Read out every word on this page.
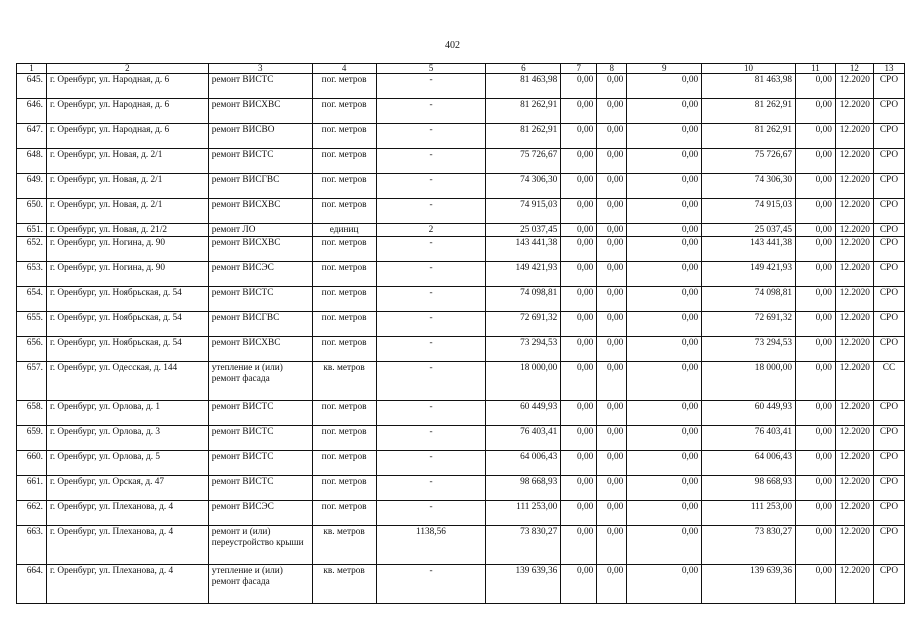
402
1	2	3	4	5	6	7	8	9	10	11	12	13
645.	г. Оренбург, ул. Народная, д. 6	ремонт ВИСТС	пог. метров	-	81 463,98	0,00	0,00	0,00	81 463,98	0,00	12.2020	СРО
646.	г. Оренбург, ул. Народная, д. 6	ремонт ВИСХВС	пог. метров	-	81 262,91	0,00	0,00	0,00	81 262,91	0,00	12.2020	СРО
647.	г. Оренбург, ул. Народная, д. 6	ремонт ВИСВО	пог. метров	-	81 262,91	0,00	0,00	0,00	81 262,91	0,00	12.2020	СРО
648.	г. Оренбург, ул. Новая, д. 2/1	ремонт ВИСТС	пог. метров	-	75 726,67	0,00	0,00	0,00	75 726,67	0,00	12.2020	СРО
649.	г. Оренбург, ул. Новая, д. 2/1	ремонт ВИСГВС	пог. метров	-	74 306,30	0,00	0,00	0,00	74 306,30	0,00	12.2020	СРО
650.	г. Оренбург, ул. Новая, д. 2/1	ремонт ВИСХВС	пог. метров	-	74 915,03	0,00	0,00	0,00	74 915,03	0,00	12.2020	СРО
651.	г. Оренбург, ул. Новая, д. 21/2	ремонт ЛО	единиц	2	25 037,45	0,00	0,00	0,00	25 037,45	0,00	12.2020	СРО
652.	г. Оренбург, ул. Ногина, д. 90	ремонт ВИСХВС	пог. метров	-	143 441,38	0,00	0,00	0,00	143 441,38	0,00	12.2020	СРО
653.	г. Оренбург, ул. Ногина, д. 90	ремонт ВИСЭС	пог. метров	-	149 421,93	0,00	0,00	0,00	149 421,93	0,00	12.2020	СРО
654.	г. Оренбург, ул. Ноябрьская, д. 54	ремонт ВИСТС	пог. метров	-	74 098,81	0,00	0,00	0,00	74 098,81	0,00	12.2020	СРО
655.	г. Оренбург, ул. Ноябрьская, д. 54	ремонт ВИСГВС	пог. метров	-	72 691,32	0,00	0,00	0,00	72 691,32	0,00	12.2020	СРО
656.	г. Оренбург, ул. Ноябрьская, д. 54	ремонт ВИСХВС	пог. метров	-	73 294,53	0,00	0,00	0,00	73 294,53	0,00	12.2020	СРО
657.	г. Оренбург, ул. Одесская, д. 144	утепление и (или) ремонт фасада	кв. метров	-	18 000,00	0,00	0,00	0,00	18 000,00	0,00	12.2020	СС
658.	г. Оренбург, ул. Орлова, д. 1	ремонт ВИСТС	пог. метров	-	60 449,93	0,00	0,00	0,00	60 449,93	0,00	12.2020	СРО
659.	г. Оренбург, ул. Орлова, д. 3	ремонт ВИСТС	пог. метров	-	76 403,41	0,00	0,00	0,00	76 403,41	0,00	12.2020	СРО
660.	г. Оренбург, ул. Орлова, д. 5	ремонт ВИСТС	пог. метров	-	64 006,43	0,00	0,00	0,00	64 006,43	0,00	12.2020	СРО
661.	г. Оренбург, ул. Орская, д. 47	ремонт ВИСТС	пог. метров	-	98 668,93	0,00	0,00	0,00	98 668,93	0,00	12.2020	СРО
662.	г. Оренбург, ул. Плеханова, д. 4	ремонт ВИСЭС	пог. метров	-	111 253,00	0,00	0,00	0,00	111 253,00	0,00	12.2020	СРО
663.	г. Оренбург, ул. Плеханова, д. 4	ремонт и (или) переустройство крыши	кв. метров	1138,56	73 830,27	0,00	0,00	0,00	73 830,27	0,00	12.2020	СРО
664.	г. Оренбург, ул. Плеханова, д. 4	утепление и (или) ремонт фасада	кв. метров	-	139 639,36	0,00	0,00	0,00	139 639,36	0,00	12.2020	СРО
